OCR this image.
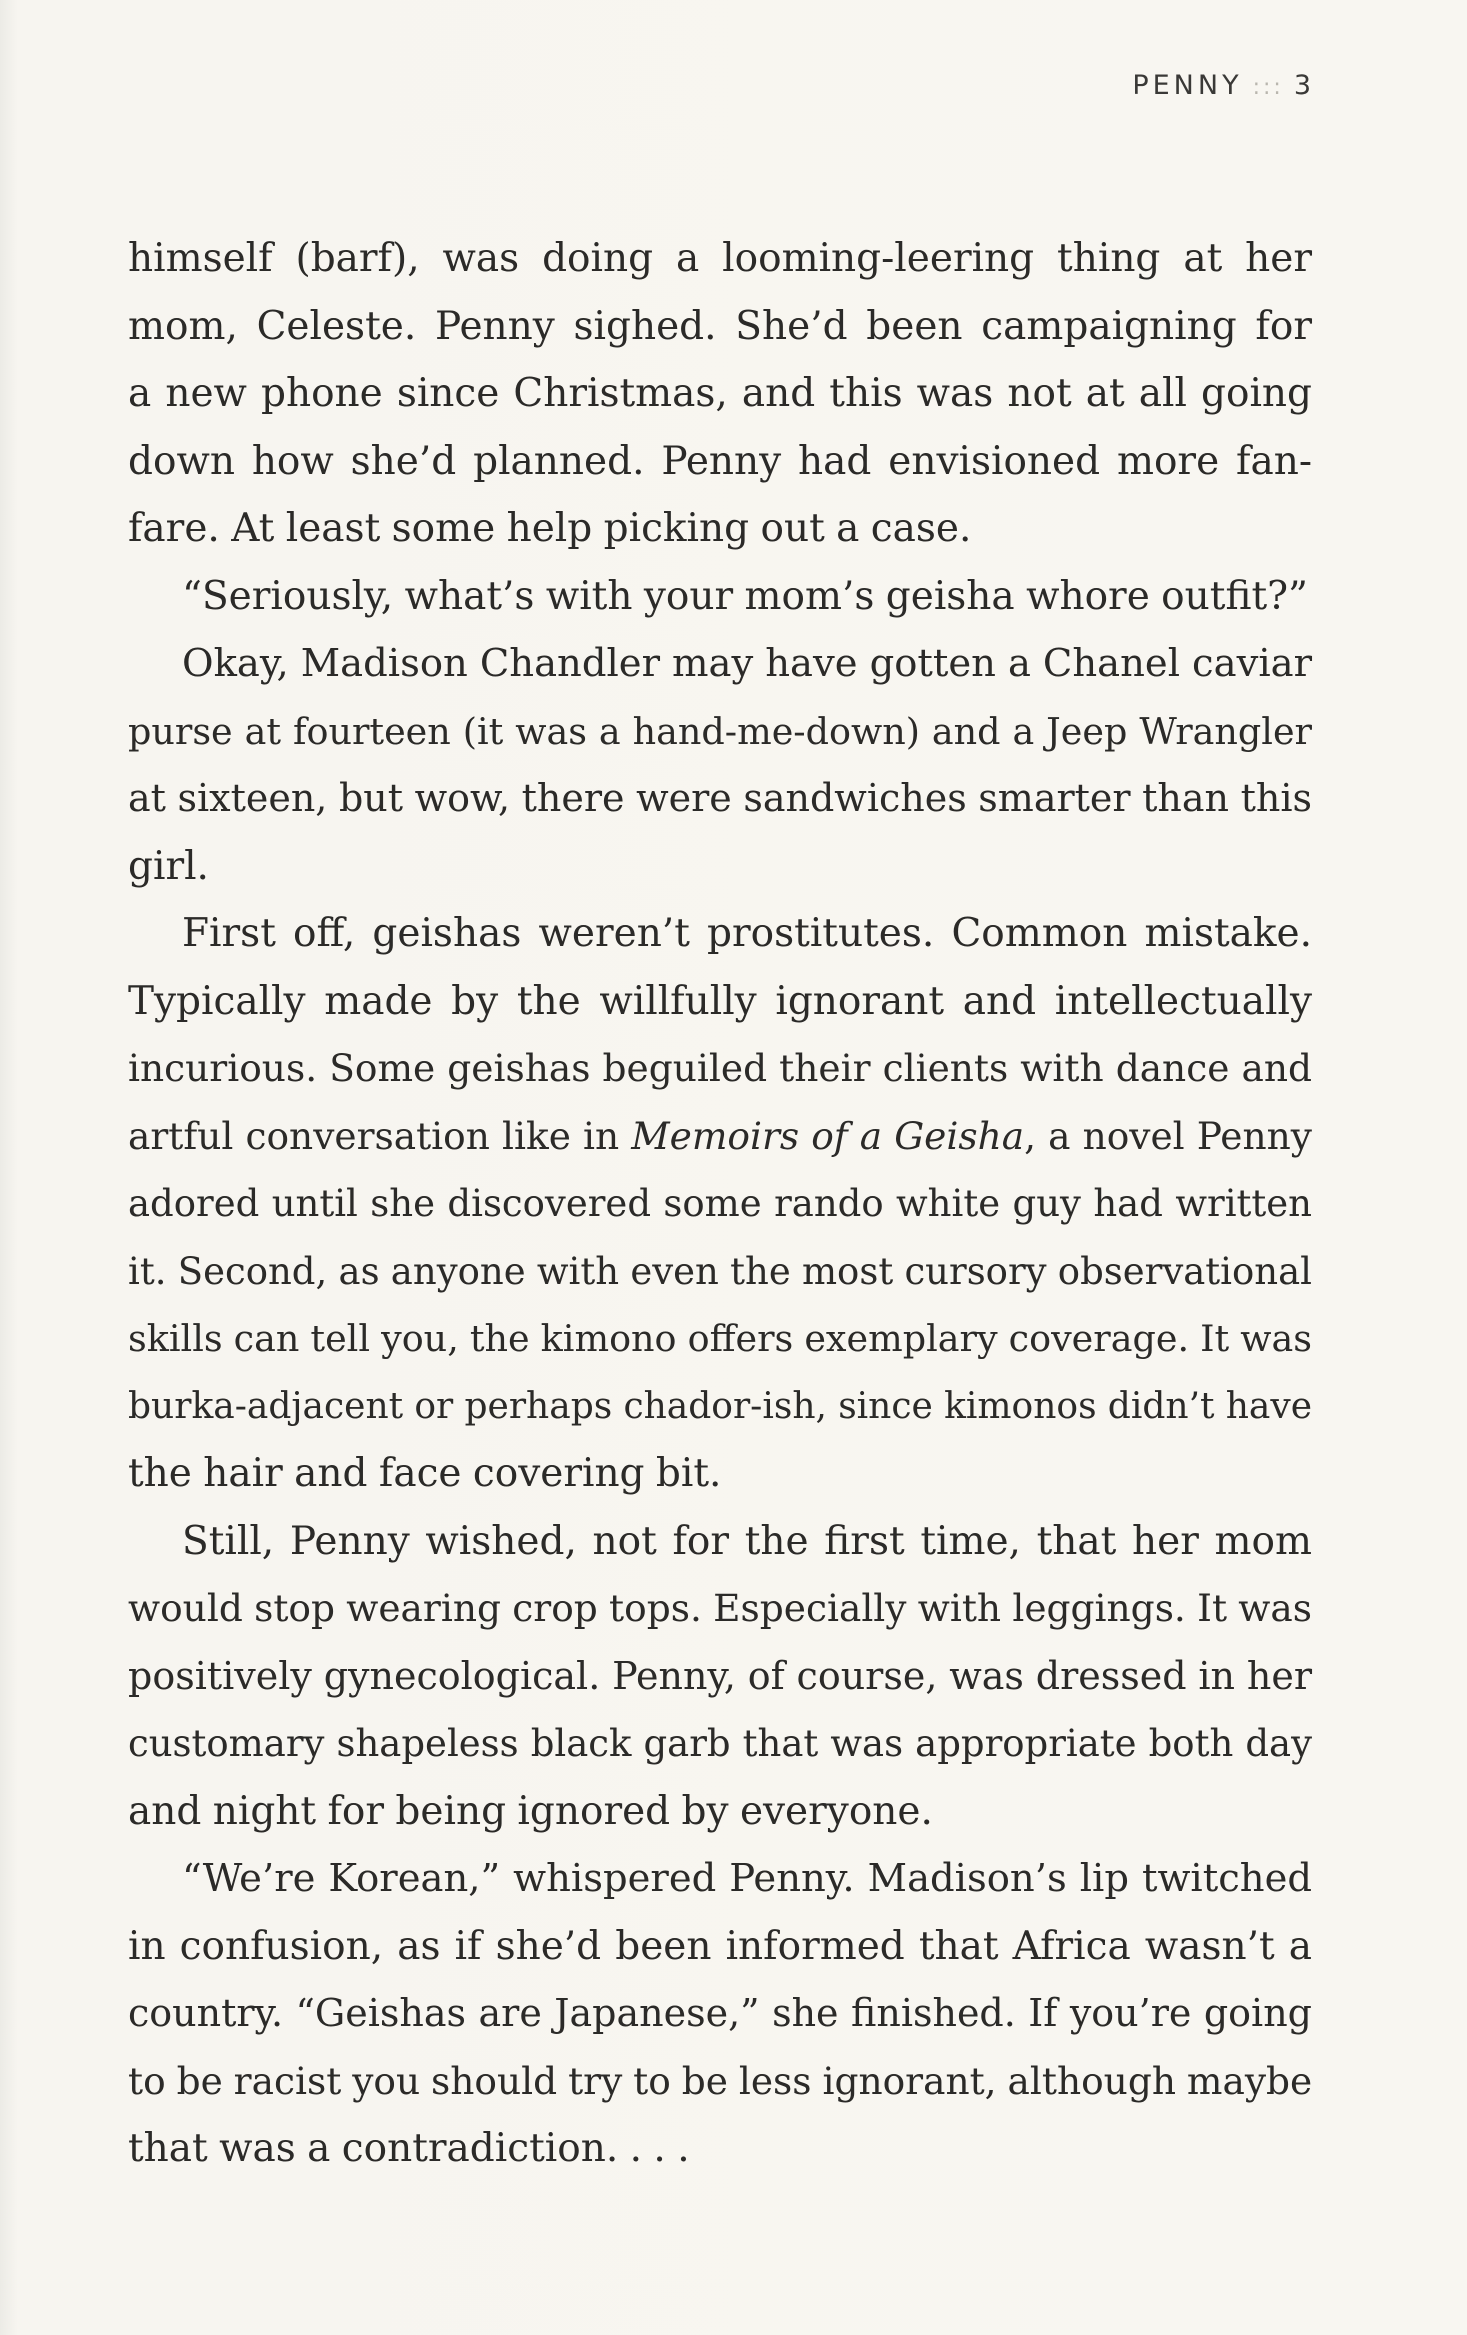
PENNY ::: 3
himself (barf), was doing a looming-leering thing at her
mom, Celeste. Penny sighed. She’d been campaigning for
a new phone since Christmas, and this was not at all going
down how she’d planned. Penny had envisioned more fan-
fare. At least some help picking out a case.
“Seriously, what’s with your mom’s geisha whore outfit?”
Okay, Madison Chandler may have gotten a Chanel caviar
purse at fourteen (it was a hand-me-down) and a Jeep Wrangler
at sixteen, but wow, there were sandwiches smarter than this
girl.
First off, geishas weren’t prostitutes. Common mistake.
Typically made by the willfully ignorant and intellectually
incurious. Some geishas beguiled their clients with dance and
artful conversation like in Memoirs of a Geisha, a novel Penny
adored until she discovered some rando white guy had written
it. Second, as anyone with even the most cursory observational
skills can tell you, the kimono offers exemplary coverage. It was
burka-adjacent or perhaps chador-ish, since kimonos didn’t have
the hair and face covering bit.
Still, Penny wished, not for the first time, that her mom
would stop wearing crop tops. Especially with leggings. It was
positively gynecological. Penny, of course, was dressed in her
customary shapeless black garb that was appropriate both day
and night for being ignored by everyone.
“We’re Korean,” whispered Penny. Madison’s lip twitched
in confusion, as if she’d been informed that Africa wasn’t a
country. “Geishas are Japanese,” she finished. If you’re going
to be racist you should try to be less ignorant, although maybe
that was a contradiction. . . .
